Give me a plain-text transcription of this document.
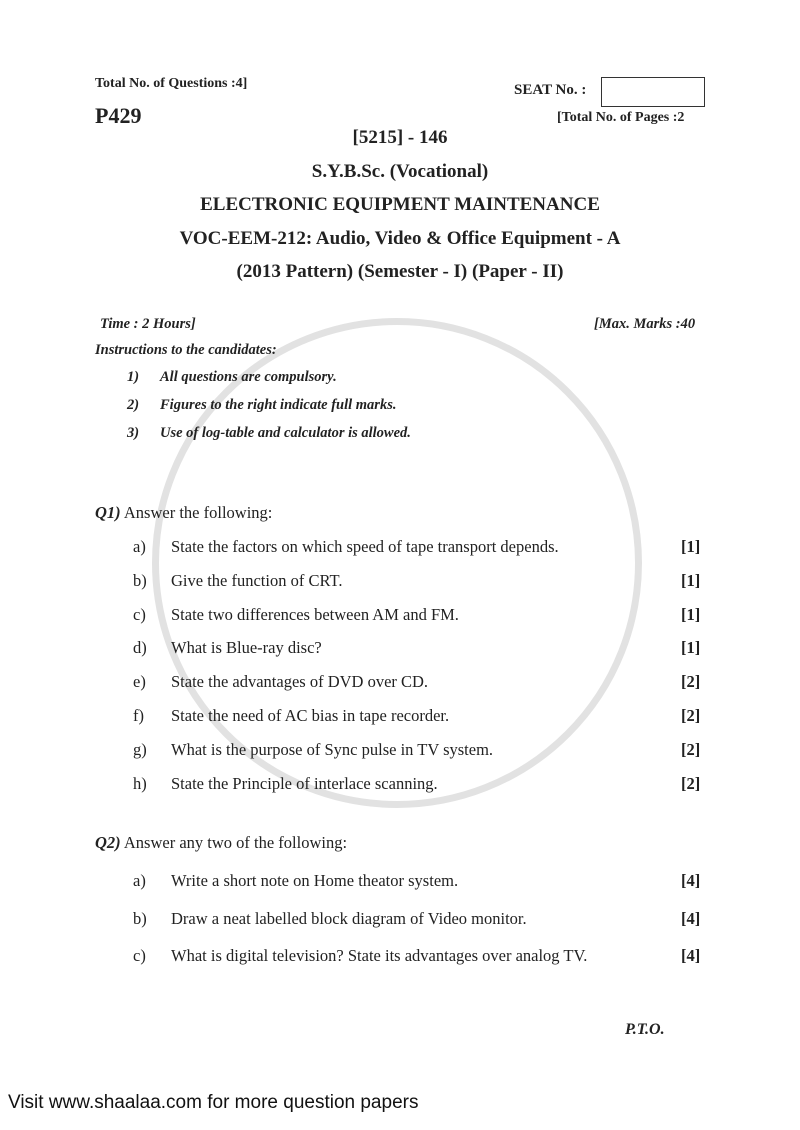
Total No. of Questions :4]	SEAT No. :
P429	[Total No. of Pages :2
[5215] - 146
S.Y.B.Sc. (Vocational)
ELECTRONIC EQUIPMENT MAINTENANCE
VOC-EEM-212: Audio, Video & Office Equipment - A
(2013 Pattern) (Semester - I) (Paper - II)
Time : 2 Hours]	[Max. Marks :40
Instructions to the candidates:
1) All questions are compulsory.
2) Figures to the right indicate full marks.
3) Use of log-table and calculator is allowed.
Q1) Answer the following:
a) State the factors on which speed of tape transport depends.	[1]
b) Give the function of CRT.	[1]
c) State two differences between AM and FM.	[1]
d) What is Blue-ray disc?	[1]
e) State the advantages of DVD over CD.	[2]
f) State the need of AC bias in tape recorder.	[2]
g) What is the purpose of Sync pulse in TV system.	[2]
h) State the Principle of interlace scanning.	[2]
Q2) Answer any two of the following:
a) Write a short note on Home theator system.	[4]
b) Draw a neat labelled block diagram of Video monitor.	[4]
c) What is digital television? State its advantages over analog TV.	[4]
P.T.O.
Visit www.shaalaa.com for more question papers
